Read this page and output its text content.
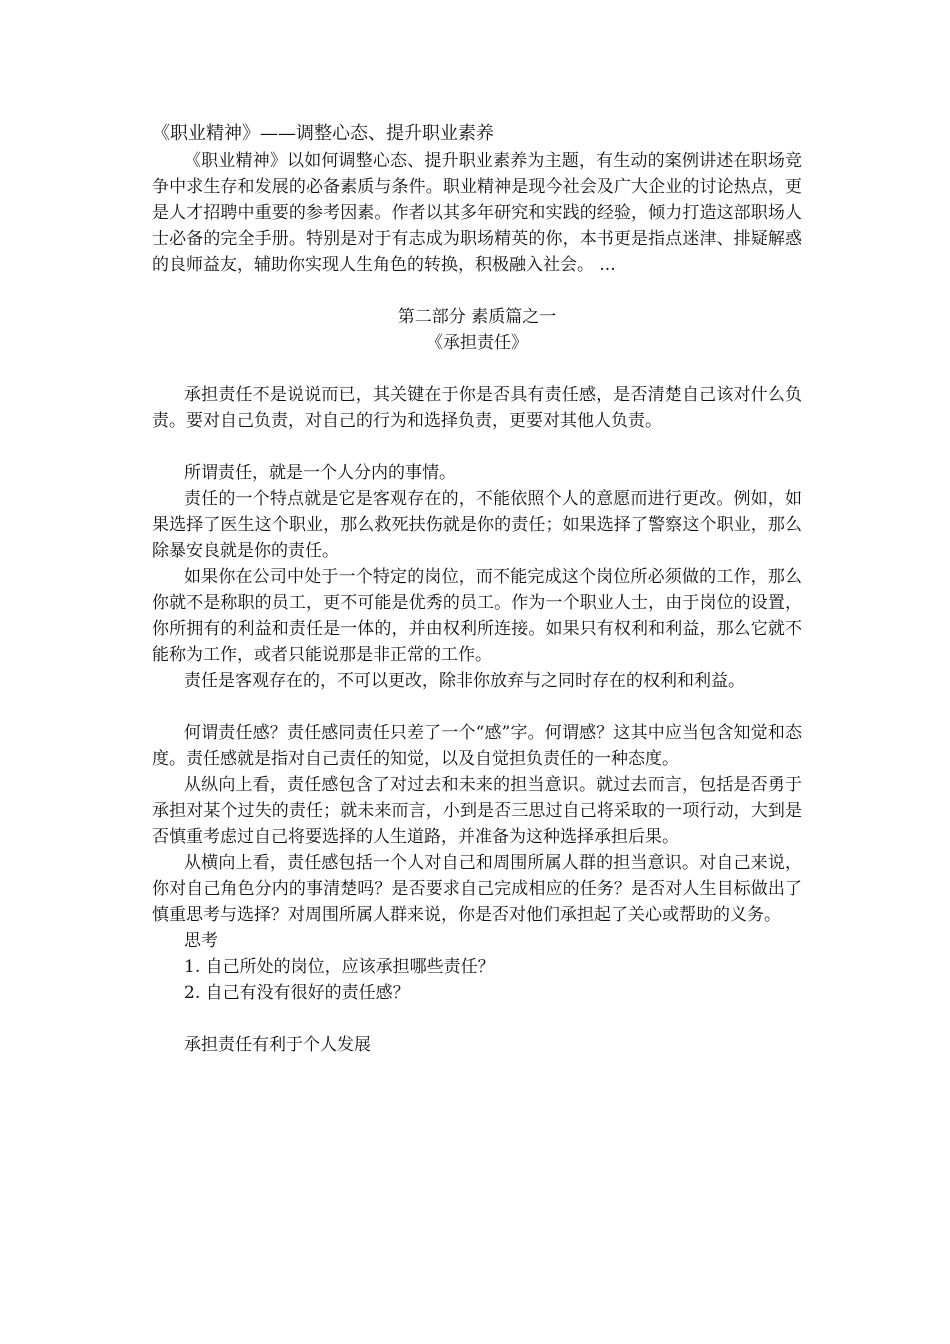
《职业精神》——调整心态、提升职业素养

《职业精神》以如何调整心态、提升职业素养为主题，有生动的案例讲述在职场竞争中求生存和发展的必备素质与条件。职业精神是现今社会及广大企业的讨论热点，更是人才招聘中重要的参考因素。作者以其多年研究和实践的经验，倾力打造这部职场人士必备的完全手册。特别是对于有志成为职场精英的你，本书更是指点迷津、排疑解惑的良师益友，辅助你实现人生角色的转换，积极融入社会。 ...

第二部分 素质篇之一

《承担责任》

承担责任不是说说而已，其关键在于你是否具有责任感，是否清楚自己该对什么负责。要对自己负责，对自己的行为和选择负责，更要对其他人负责。

所谓责任，就是一个人分内的事情。

责任的一个特点就是它是客观存在的，不能依照个人的意愿而进行更改。例如，如果选择了医生这个职业，那么救死扶伤就是你的责任；如果选择了警察这个职业，那么除暴安良就是你的责任。

如果你在公司中处于一个特定的岗位，而不能完成这个岗位所必须做的工作，那么你就不是称职的员工，更不可能是优秀的员工。作为一个职业人士，由于岗位的设置，你所拥有的利益和责任是一体的，并由权利所连接。如果只有权利和利益，那么它就不能称为工作，或者只能说那是非正常的工作。

责任是客观存在的，不可以更改，除非你放弃与之同时存在的权利和利益。

何谓责任感？责任感同责任只差了一个“感”字。何谓感？这其中应当包含知觉和态度。责任感就是指对自己责任的知觉，以及自觉担负责任的一种态度。

从纵向上看，责任感包含了对过去和未来的担当意识。就过去而言，包括是否勇于承担对某个过失的责任；就未来而言，小到是否三思过自己将采取的一项行动，大到是否慎重考虑过自己将要选择的人生道路，并准备为这种选择承担后果。

从横向上看，责任感包括一个人对自己和周围所属人群的担当意识。对自己来说，你对自己角色分内的事清楚吗？是否要求自己完成相应的任务？是否对人生目标做出了慎重思考与选择？对周围所属人群来说，你是否对他们承担起了关心或帮助的义务。

思考

1. 自己所处的岗位，应该承担哪些责任？

2. 自己有没有很好的责任感？

承担责任有利于个人发展
